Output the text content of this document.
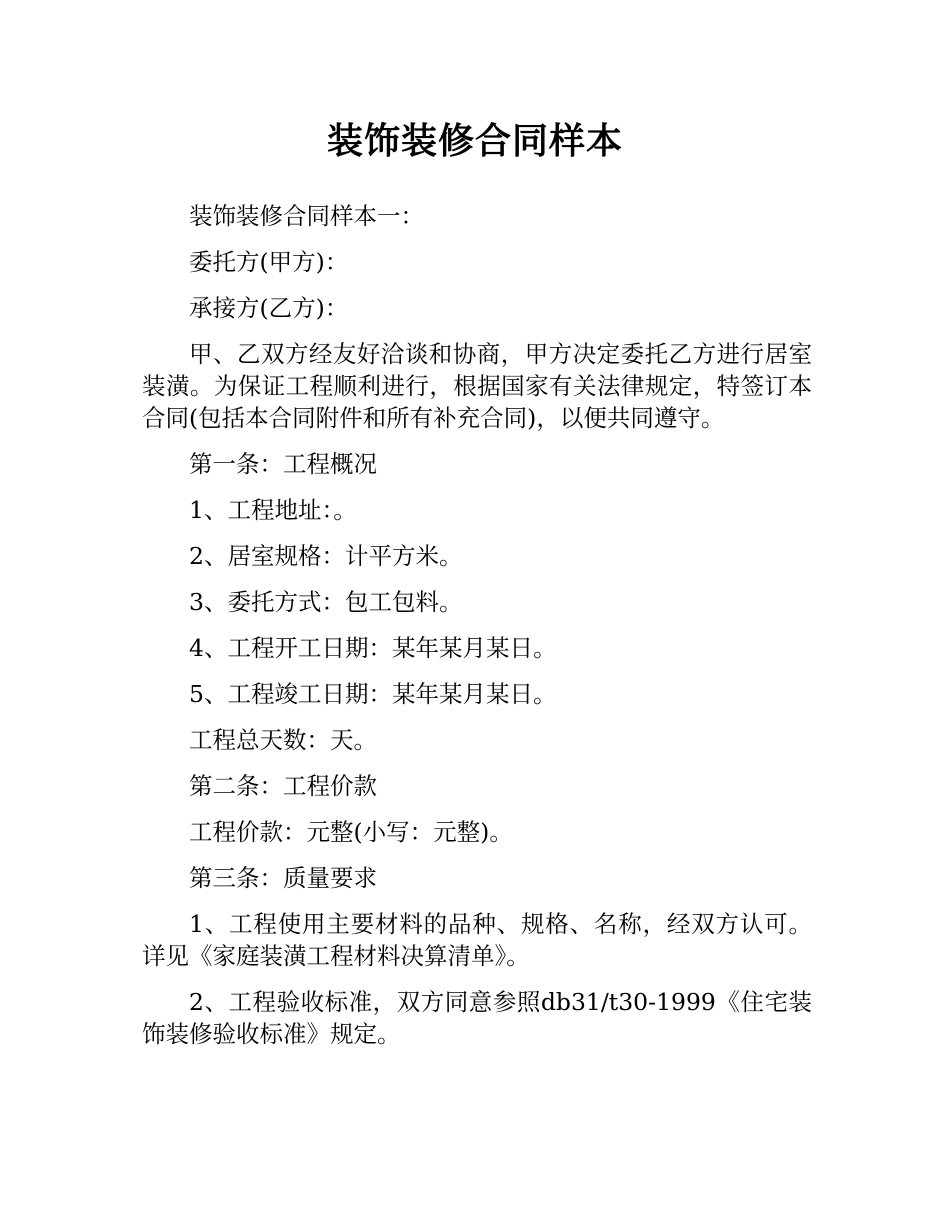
装饰装修合同样本

装饰装修合同样本一：

委托方(甲方)：

承接方(乙方)：

甲、乙双方经友好洽谈和协商，甲方决定委托乙方进行居室装潢。为保证工程顺利进行，根据国家有关法律规定，特签订本合同(包括本合同附件和所有补充合同)，以便共同遵守。

第一条：工程概况

1、工程地址：。

2、居室规格：计平方米。

3、委托方式：包工包料。

4、工程开工日期：某年某月某日。

5、工程竣工日期：某年某月某日。

工程总天数：天。

第二条：工程价款

工程价款：元整(小写：元整)。

第三条：质量要求

1、工程使用主要材料的品种、规格、名称，经双方认可。详见《家庭装潢工程材料决算清单》。

2、工程验收标准，双方同意参照db31/t30-1999《住宅装饰装修验收标准》规定。
